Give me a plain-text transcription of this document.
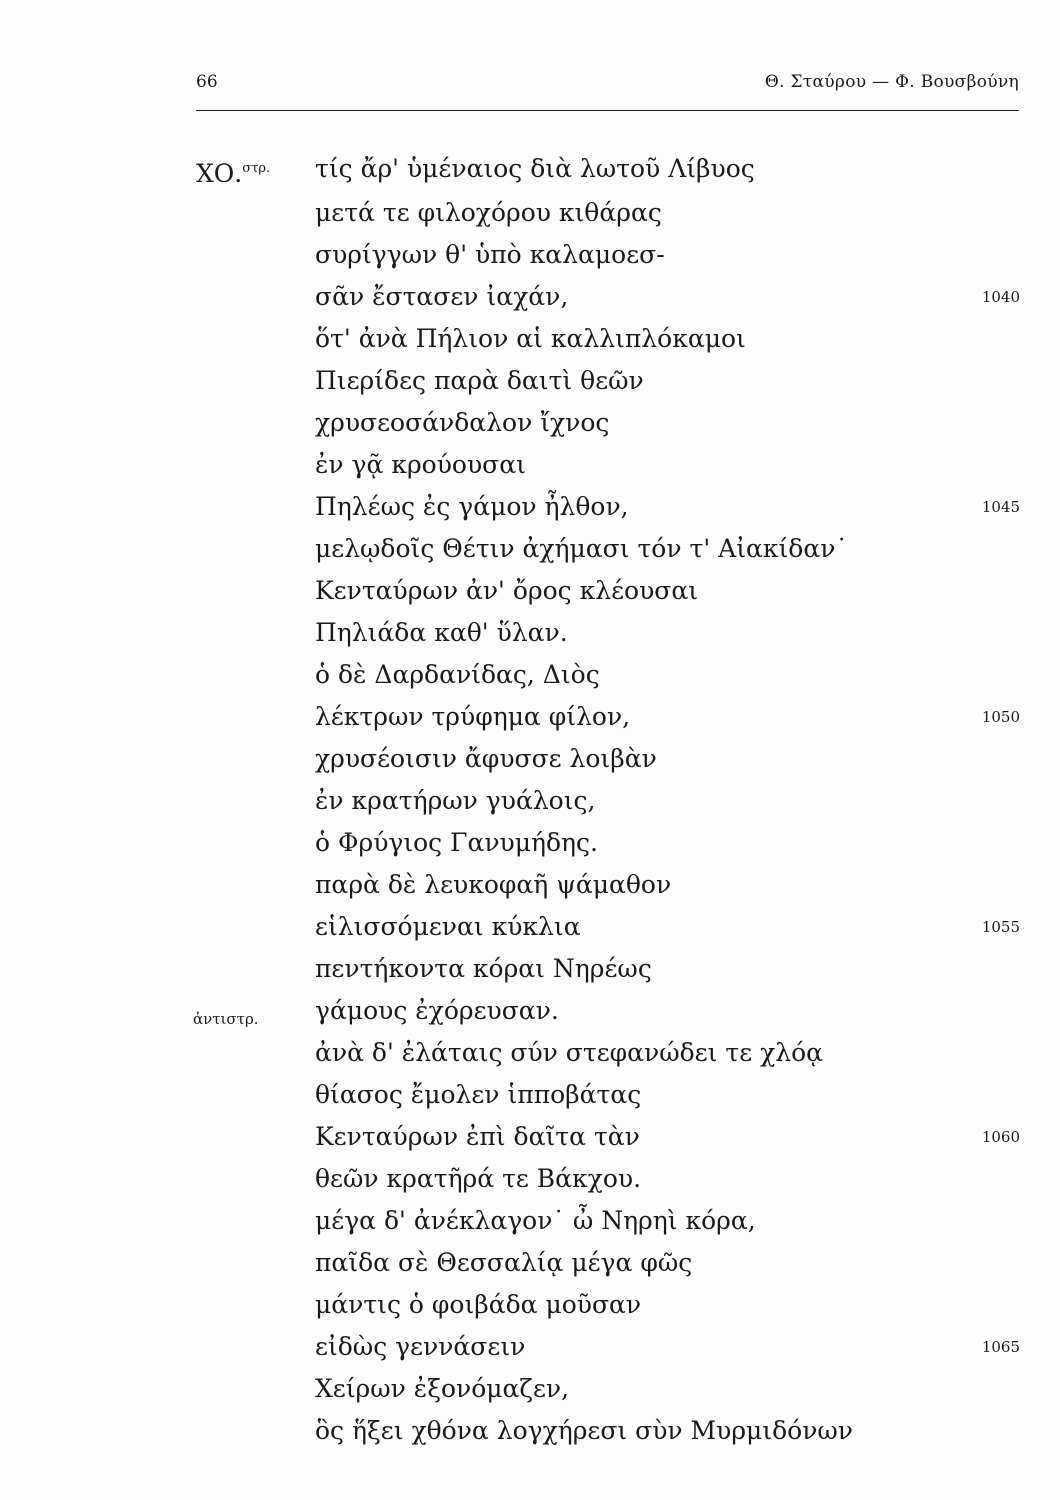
66	Θ. Σταύρου — Φ. Βουσβούνη
ΧΟ.$^{\sigma\tau\rho.}$
ἀντιστρ.
τίς ἄρ' ὑμέναιος διὰ λωτοῦ Λίβυος
μετά τε φιλοχόρου κιθάρας
συρίγγων θ' ὑπὸ καλαμοεσ-
σᾶν ἔστασεν ἰαχάν,
ὅτ' ἀνὰ Πήλιον αἱ καλλιπλόκαμοι
Πιερίδες παρὰ δαιτὶ θεῶν
χρυσεοσάνδαλον ἴχνος
ἐν γᾷ κρούουσαι
Πηλέως ἐς γάμον ἦλθον,
μελῳδοῖς Θέτιν ἀχήμασι τόν τ' Αἰακίδαν˙
Κενταύρων ἀν' ὄρος κλέουσαι
Πηλιάδα καθ' ὕλαν.
ὁ δὲ Δαρδανίδας, Διὸς
λέκτρων τρύφημα φίλον,
χρυσέοισιν ἄφυσσε λοιβὰν
ἐν κρατήρων γυάλοις,
ὁ Φρύγιος Γανυμήδης.
παρὰ δὲ λευκοφαῆ ψάμαθον
εἱλισσόμεναι κύκλια
πεντήκοντα κόραι Νηρέως
γάμους ἐχόρευσαν.
ἀνὰ δ' ἐλάταις σύν στεφανώδει τε χλόᾳ
θίασος ἔμολεν ἱπποβάτας
Κενταύρων ἐπὶ δαῖτα τὰν
θεῶν κρατῆρά τε Βάκχου.
μέγα δ' ἀνέκλαγον˙ ὦ Νηρηὶ κόρα,
παῖδα σὲ Θεσσαλίᾳ μέγα φῶς
μάντις ὁ φοιβάδα μοῦσαν
εἰδὼς γεννάσειν
Χείρων ἐξονόμαζεν,
ὃς ἥξει χθόνα λογχήρεσι σὺν Μυρμιδόνων
1040
1045
1050
1055
1060
1065
